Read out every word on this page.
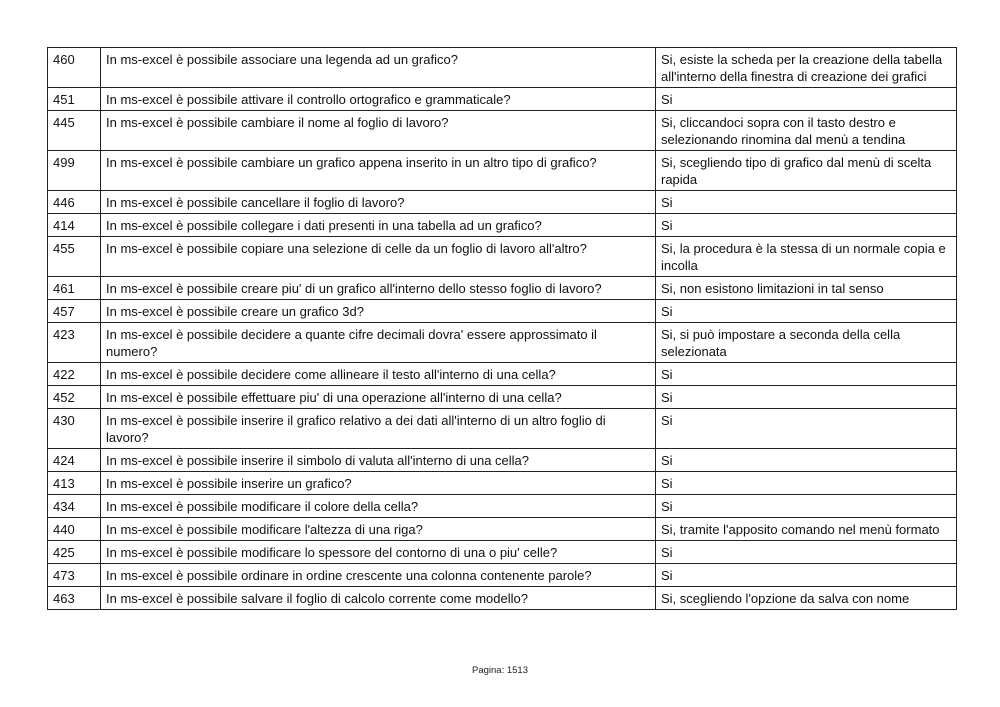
460	In ms-excel è possibile associare una legenda ad un grafico?	Si, esiste la scheda per la creazione della tabella all'interno della finestra di creazione dei grafici
451	In ms-excel è possibile attivare il controllo ortografico e grammaticale?	Si
445	In ms-excel è possibile cambiare il nome al foglio di lavoro?	Si, cliccandoci sopra con il tasto destro e selezionando rinomina dal menù a tendina
499	In ms-excel è possibile cambiare un grafico appena inserito in un altro tipo di grafico?	Si, scegliendo tipo di grafico dal menù di scelta rapida
446	In ms-excel è possibile cancellare il foglio di lavoro?	Si
414	In ms-excel è possibile collegare i dati presenti in una tabella ad un grafico?	Si
455	In ms-excel è possibile copiare una selezione di celle da un foglio di lavoro all'altro?	Si, la procedura è la stessa di un normale copia e incolla
461	In ms-excel è possibile creare piu' di un grafico all'interno dello stesso foglio di lavoro?	Si, non esistono limitazioni in tal senso
457	In ms-excel è possibile creare un grafico 3d?	Si
423	In ms-excel è possibile decidere a quante cifre decimali dovra' essere approssimato il numero?	Si, si può impostare a seconda della cella selezionata
422	In ms-excel è possibile decidere come allineare il testo all'interno di una cella?	Si
452	In ms-excel è possibile effettuare piu' di una operazione all'interno di una cella?	Si
430	In ms-excel è possibile inserire il grafico relativo a dei dati all'interno di un altro foglio di lavoro?	Si
424	In ms-excel è possibile inserire il simbolo di valuta all'interno di una cella?	Si
413	In ms-excel è possibile inserire un grafico?	Si
434	In ms-excel è possibile modificare il colore della cella?	Si
440	In ms-excel è possibile modificare l'altezza di una riga?	Si, tramite l'apposito comando nel menù formato
425	In ms-excel è possibile modificare lo spessore del contorno di una o piu' celle?	Si
473	In ms-excel è possibile ordinare in ordine crescente una colonna contenente parole?	Si
463	In ms-excel è possibile salvare il foglio di calcolo corrente come modello?	Si, scegliendo l'opzione da salva con nome
Pagina: 1513
